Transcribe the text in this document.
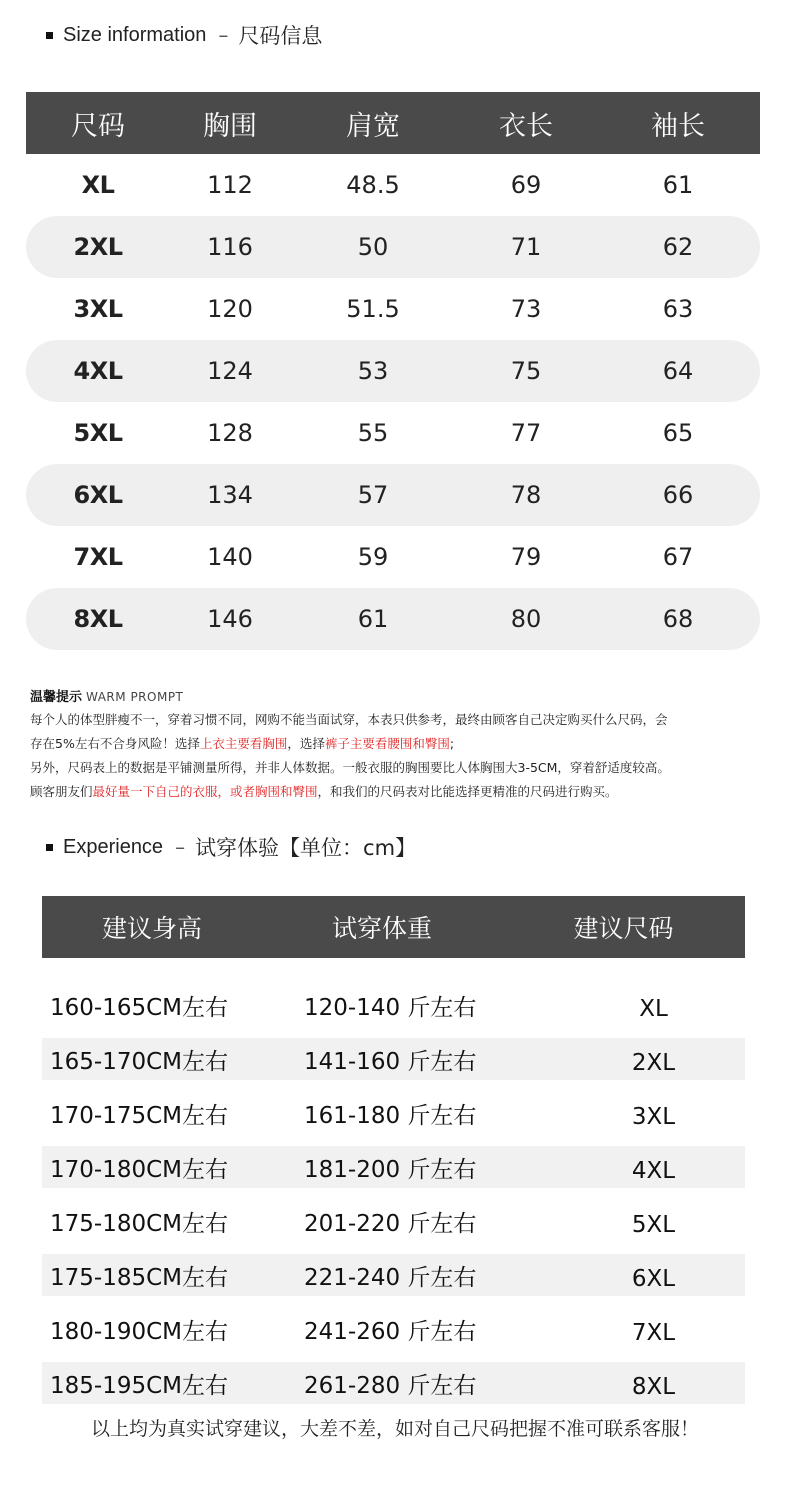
Size information – 尺码信息
尺码	胸围	肩宽	衣长	袖长
XL	112	48.5	69	61
2XL	116	50	71	62
3XL	120	51.5	73	63
4XL	124	53	75	64
5XL	128	55	77	65
6XL	134	57	78	66
7XL	140	59	79	67
8XL	146	61	80	68
温馨提示 WARM PROMPT

每个人的体型胖瘦不一，穿着习惯不同，网购不能当面试穿，本表只供参考，最终由顾客自己决定购买什么尺码，会

存在5%左右不合身风险！选择上衣主要看胸围，选择裤子主要看腰围和臀围;

另外，尺码表上的数据是平铺测量所得，并非人体数据。一般衣服的胸围要比人体胸围大3-5CM，穿着舒适度较高。

顾客朋友们最好量一下自己的衣服，或者胸围和臀围，和我们的尺码表对比能选择更精准的尺码进行购买。

Experience – 试穿体验【单位：cm】
建议身高	试穿体重	建议尺码
160-165CM左右	120-140 斤左右	XL
165-170CM左右	141-160 斤左右	2XL
170-175CM左右	161-180 斤左右	3XL
170-180CM左右	181-200 斤左右	4XL
175-180CM左右	201-220 斤左右	5XL
175-185CM左右	221-240 斤左右	6XL
180-190CM左右	241-260 斤左右	7XL
185-195CM左右	261-280 斤左右	8XL
以上均为真实试穿建议，大差不差，如对自己尺码把握不准可联系客服！
